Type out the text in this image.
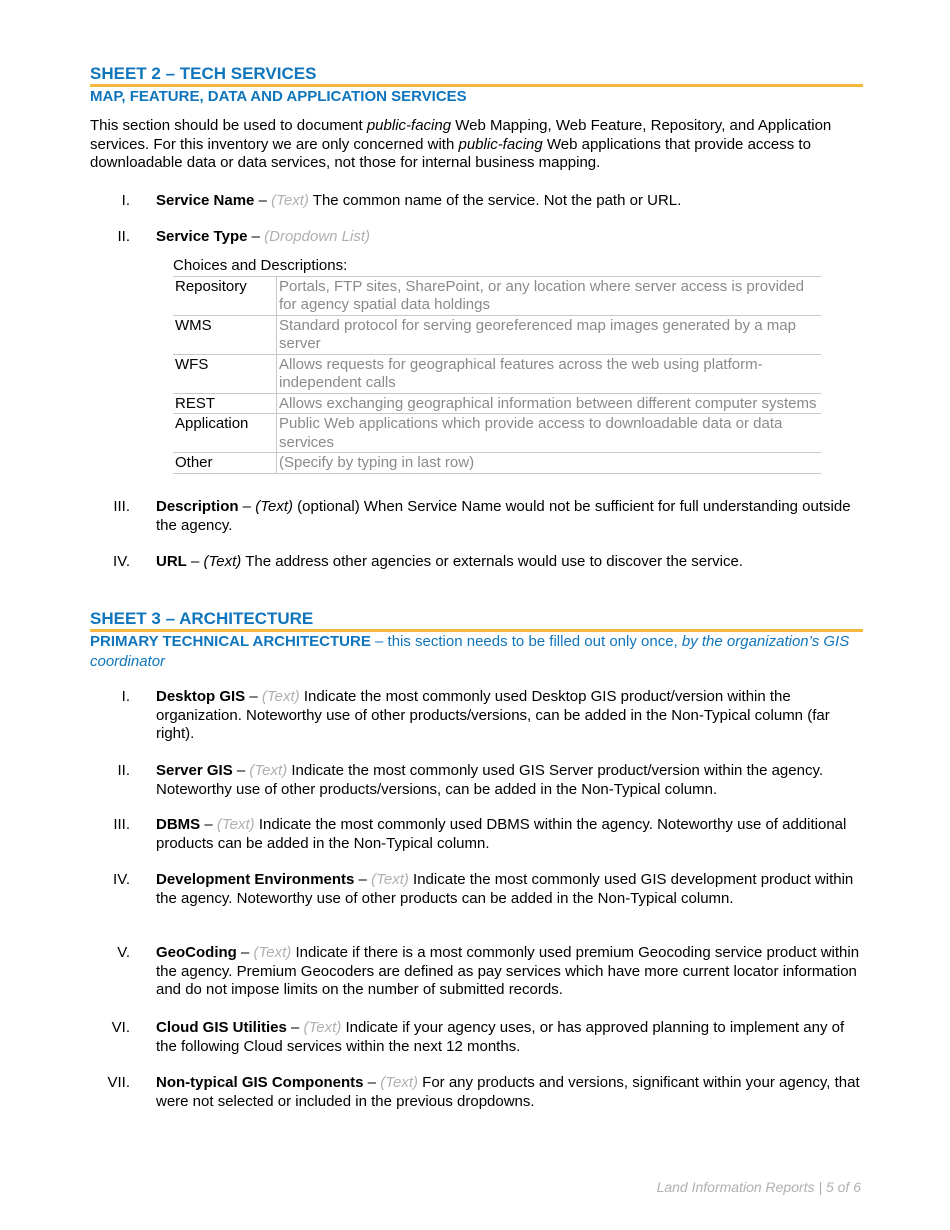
SHEET 2 – TECH SERVICES
MAP, FEATURE, DATA AND APPLICATION SERVICES

This section should be used to document public-facing Web Mapping, Web Feature, Repository, and Application services. For this inventory we are only concerned with public-facing Web applications that provide access to downloadable data or data services, not those for internal business mapping.

I. Service Name – (Text) The common name of the service. Not the path or URL.
II. Service Type – (Dropdown List)
Choices and Descriptions:
Repository	Portals, FTP sites, SharePoint, or any location where server access is provided for agency spatial data holdings
WMS	Standard protocol for serving georeferenced map images generated by a map server
WFS	Allows requests for geographical features across the web using platform-independent calls
REST	Allows exchanging geographical information between different computer systems
Application	Public Web applications which provide access to downloadable data or data services
Other	(Specify by typing in last row)
III. Description – (Text) (optional) When Service Name would not be sufficient for full understanding outside the agency.
IV. URL – (Text) The address other agencies or externals would use to discover the service.
SHEET 3 – ARCHITECTURE
PRIMARY TECHNICAL ARCHITECTURE – this section needs to be filled out only once, by the organization’s GIS coordinator
I. Desktop GIS – (Text) Indicate the most commonly used Desktop GIS product/version within the organization. Noteworthy use of other products/versions, can be added in the Non-Typical column (far right).
II. Server GIS – (Text) Indicate the most commonly used GIS Server product/version within the agency. Noteworthy use of other products/versions, can be added in the Non-Typical column.
III. DBMS – (Text) Indicate the most commonly used DBMS within the agency. Noteworthy use of additional products can be added in the Non-Typical column.
IV. Development Environments – (Text) Indicate the most commonly used GIS development product within the agency. Noteworthy use of other products can be added in the Non-Typical column.
V. GeoCoding – (Text) Indicate if there is a most commonly used premium Geocoding service product within the agency. Premium Geocoders are defined as pay services which have more current locator information and do not impose limits on the number of submitted records.
VI. Cloud GIS Utilities – (Text) Indicate if your agency uses, or has approved planning to implement any of the following Cloud services within the next 12 months.
VII. Non-typical GIS Components – (Text) For any products and versions, significant within your agency, that were not selected or included in the previous dropdowns.
Land Information Reports | 5 of 6
